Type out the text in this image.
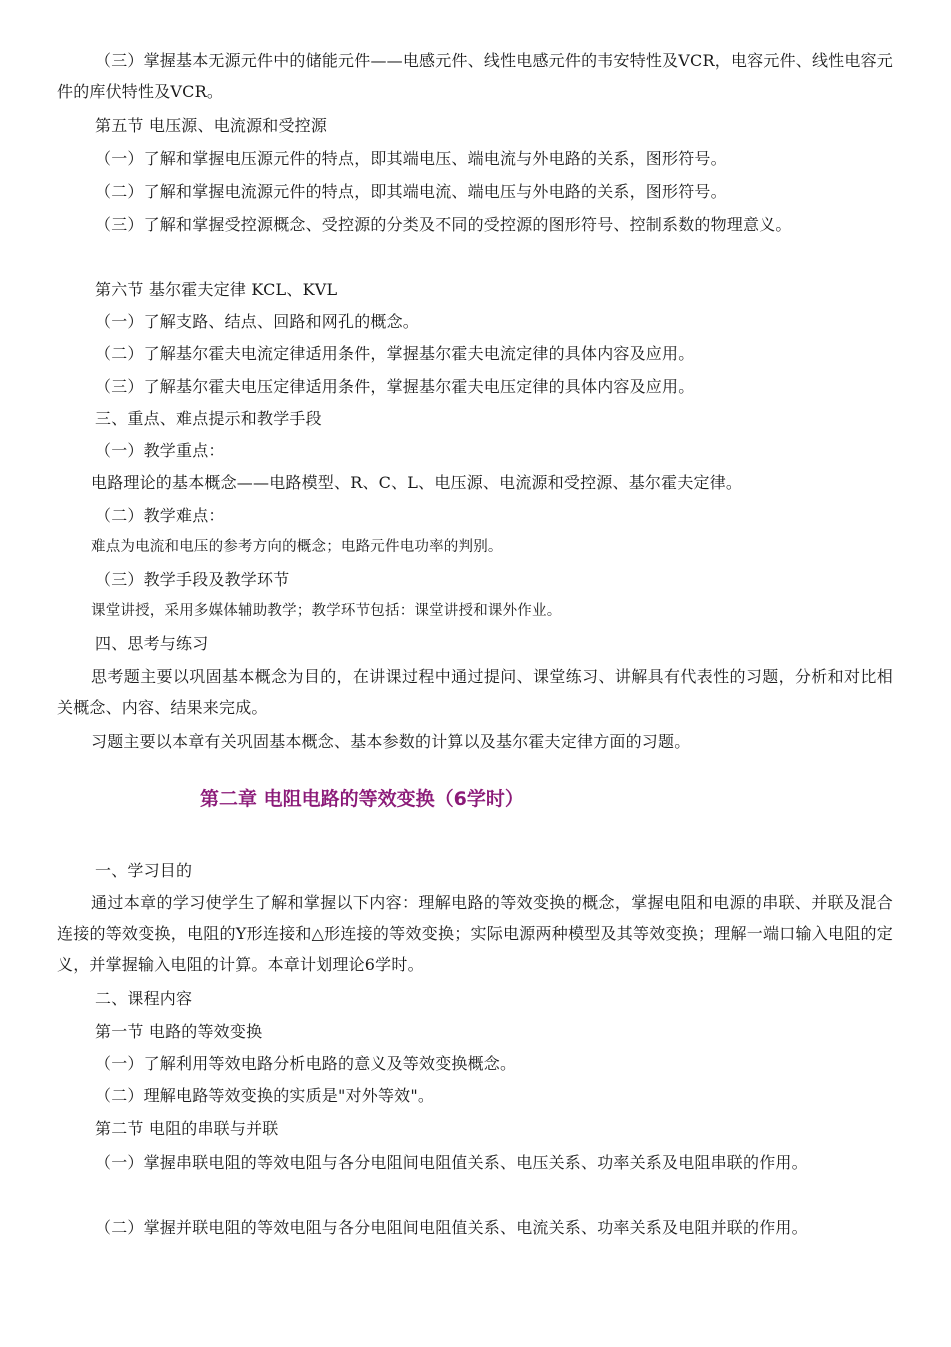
（三）掌握基本无源元件中的储能元件——电感元件、线性电感元件的韦安特性及VCR，电容元件、线性电容元件的库伏特性及VCR。

第五节 电压源、电流源和受控源

（一）了解和掌握电压源元件的特点，即其端电压、端电流与外电路的关系，图形符号。

（二）了解和掌握电流源元件的特点，即其端电流、端电压与外电路的关系，图形符号。

（三）了解和掌握受控源概念、受控源的分类及不同的受控源的图形符号、控制系数的物理意义。

第六节 基尔霍夫定律 KCL、KVL

（一）了解支路、结点、回路和网孔的概念。

（二）了解基尔霍夫电流定律适用条件，掌握基尔霍夫电流定律的具体内容及应用。

（三）了解基尔霍夫电压定律适用条件，掌握基尔霍夫电压定律的具体内容及应用。

三、重点、难点提示和教学手段

（一）教学重点：

电路理论的基本概念——电路模型、R、C、L、电压源、电流源和受控源、基尔霍夫定律。

（二）教学难点：

难点为电流和电压的参考方向的概念；电路元件电功率的判别。

（三）教学手段及教学环节

课堂讲授，采用多媒体辅助教学；教学环节包括：课堂讲授和课外作业。

四、思考与练习

思考题主要以巩固基本概念为目的，在讲课过程中通过提问、课堂练习、讲解具有代表性的习题，分析和对比相关概念、内容、结果来完成。

习题主要以本章有关巩固基本概念、基本参数的计算以及基尔霍夫定律方面的习题。

第二章 电阻电路的等效变换（6学时）

一、学习目的

通过本章的学习使学生了解和掌握以下内容：理解电路的等效变换的概念，掌握电阻和电源的串联、并联及混合连接的等效变换，电阻的Y形连接和△形连接的等效变换；实际电源两种模型及其等效变换；理解一端口输入电阻的定义，并掌握输入电阻的计算。本章计划理论6学时。

二、课程内容

第一节 电路的等效变换

（一）了解利用等效电路分析电路的意义及等效变换概念。

（二）理解电路等效变换的实质是"对外等效"。

第二节 电阻的串联与并联

（一）掌握串联电阻的等效电阻与各分电阻间电阻值关系、电压关系、功率关系及电阻串联的作用。

（二）掌握并联电阻的等效电阻与各分电阻间电阻值关系、电流关系、功率关系及电阻并联的作用。
